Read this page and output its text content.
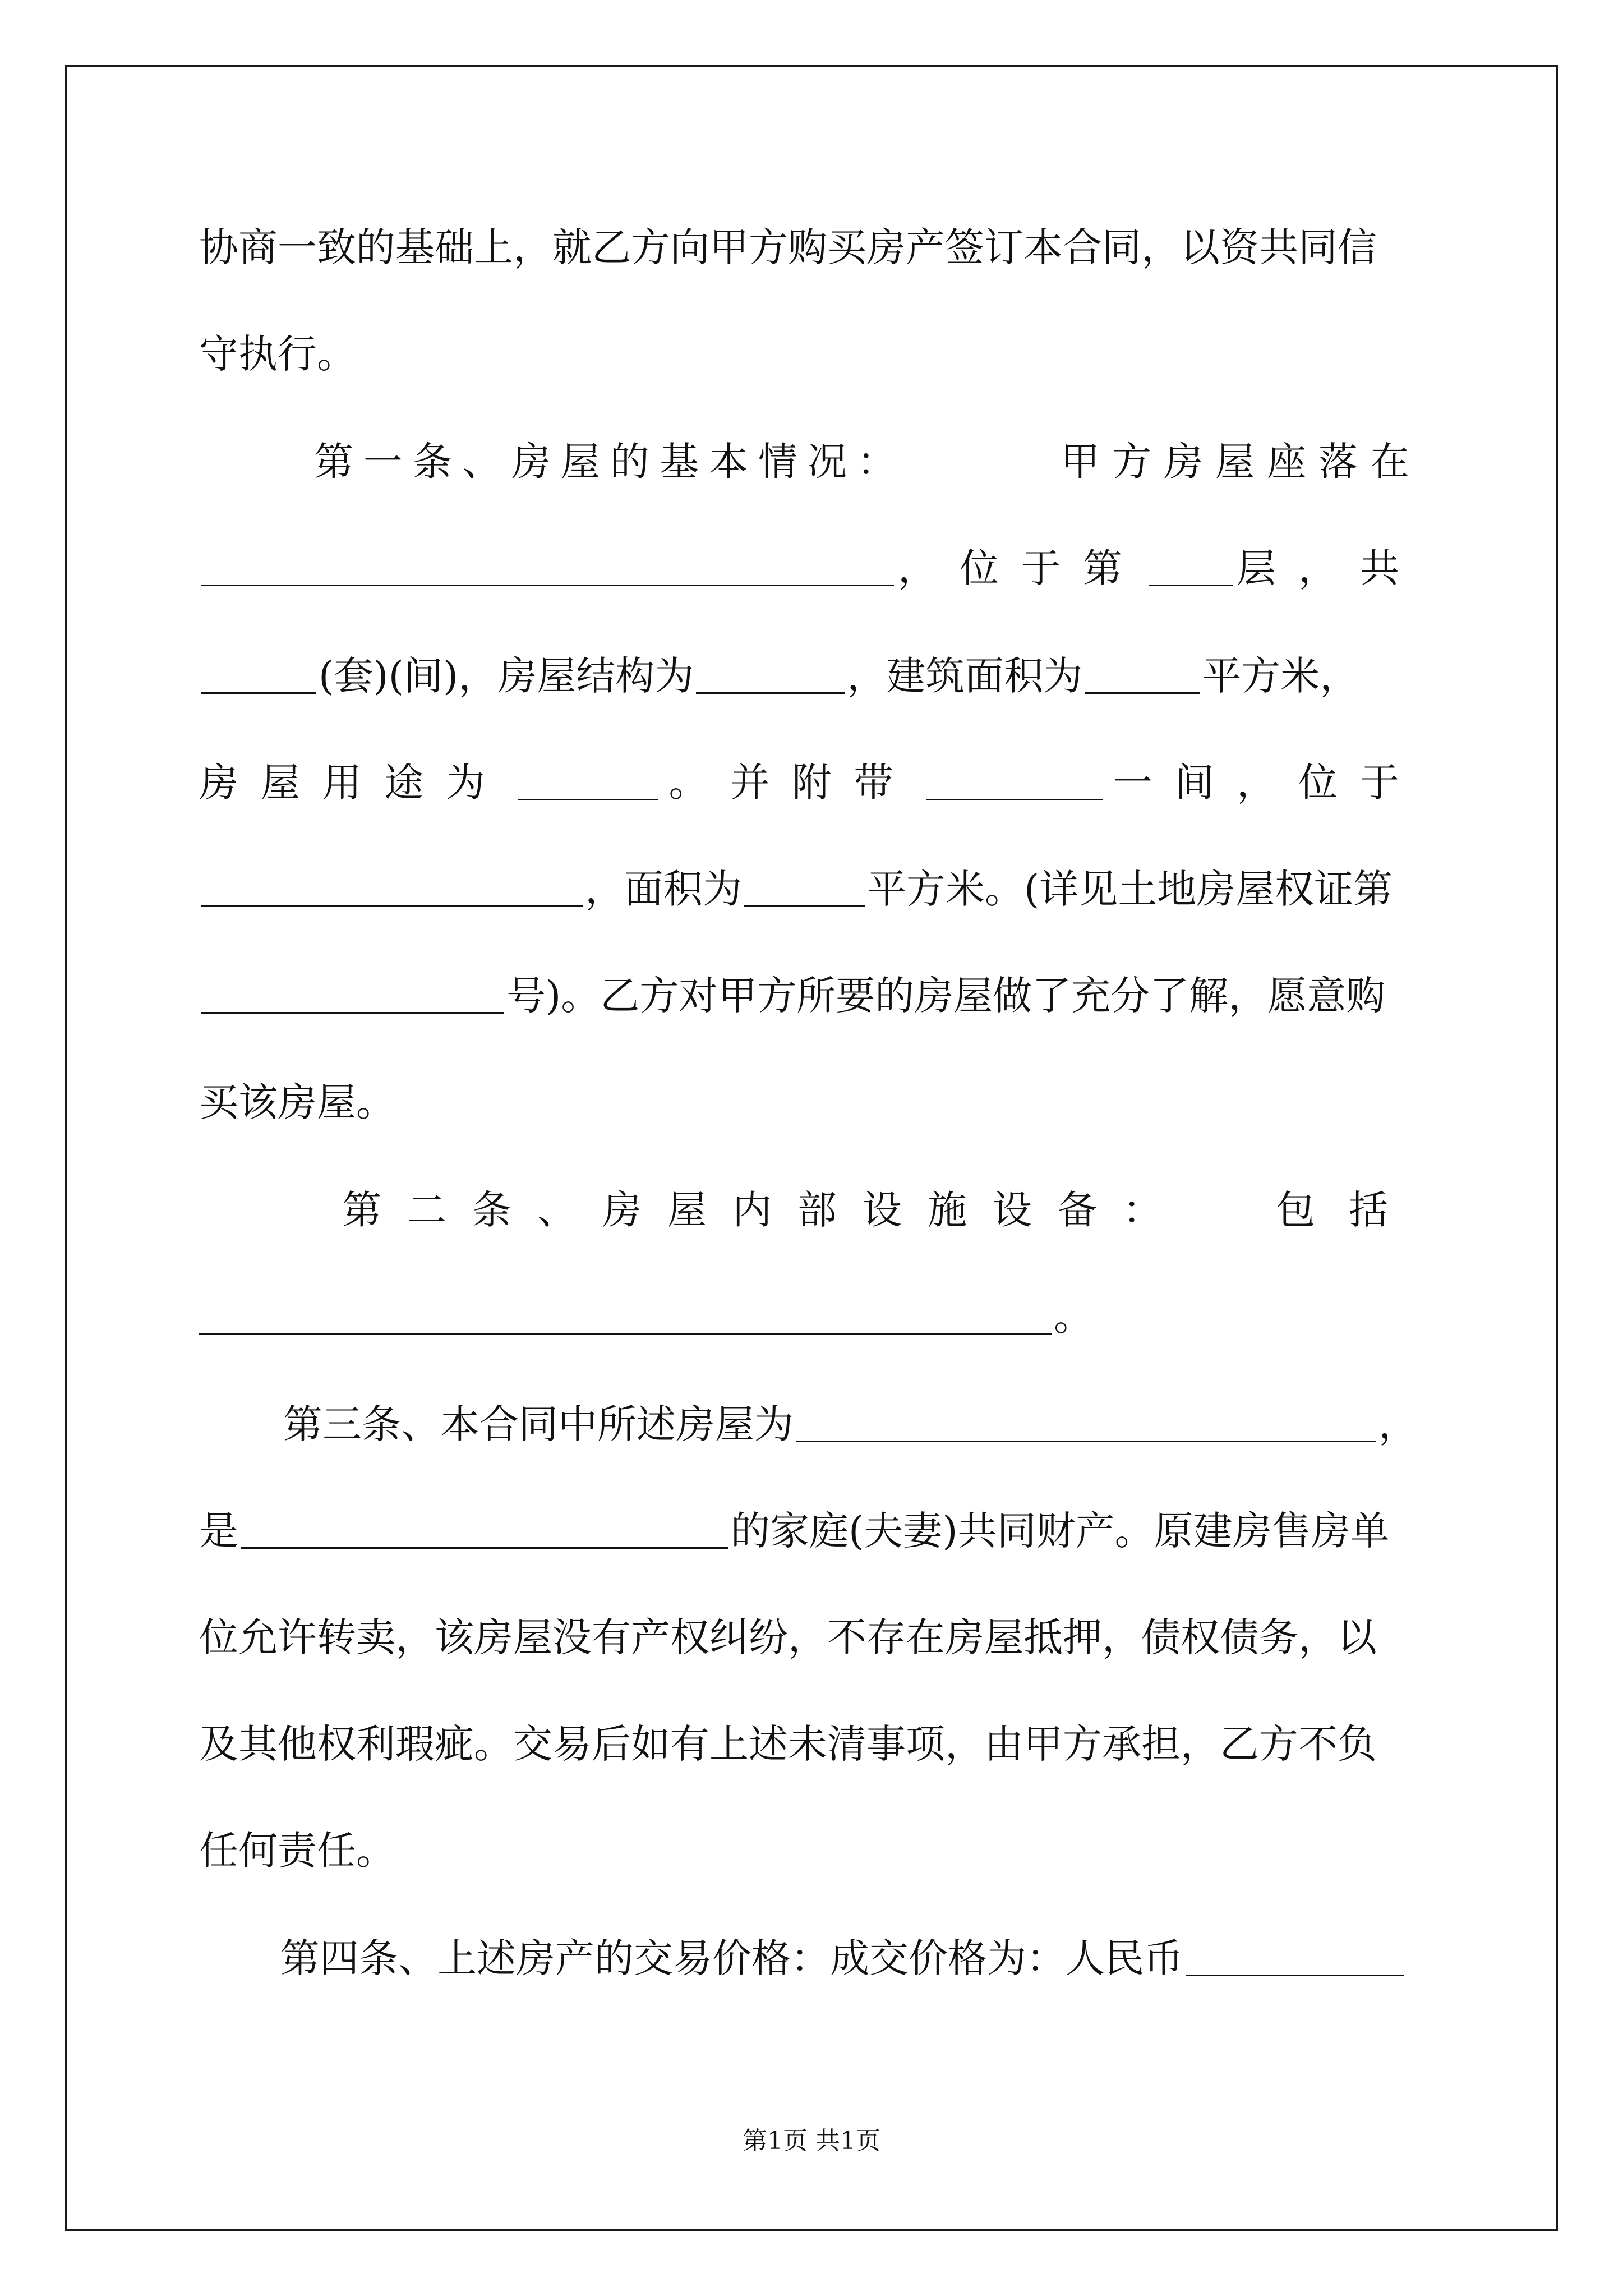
协商一致的基础上，就乙方向甲方购买房产签订本合同，以资共同信
守执行。
第一条、房屋的基本情况：	甲方房屋座落在
，位于第 层，共
(套)(间)，房屋结构为	，建筑面积为	平方米，
房屋用途为	。并附带	一间，位于
，面积为	平方米。(详见土地房屋权证第
号)。乙方对甲方所要的房屋做了充分了解，愿意购
买该房屋。
第二条、房屋内部设施设备： 包括
。
第三条、本合同中所述房屋为	，
是	的家庭(夫妻)共同财产。原建房售房单
位允许转卖，该房屋没有产权纠纷，不存在房屋抵押，债权债务，以
及其他权利瑕疵。交易后如有上述未清事项，由甲方承担，乙方不负
任何责任。
第四条、上述房产的交易价格：成交价格为：人民币
第1页 共1页
